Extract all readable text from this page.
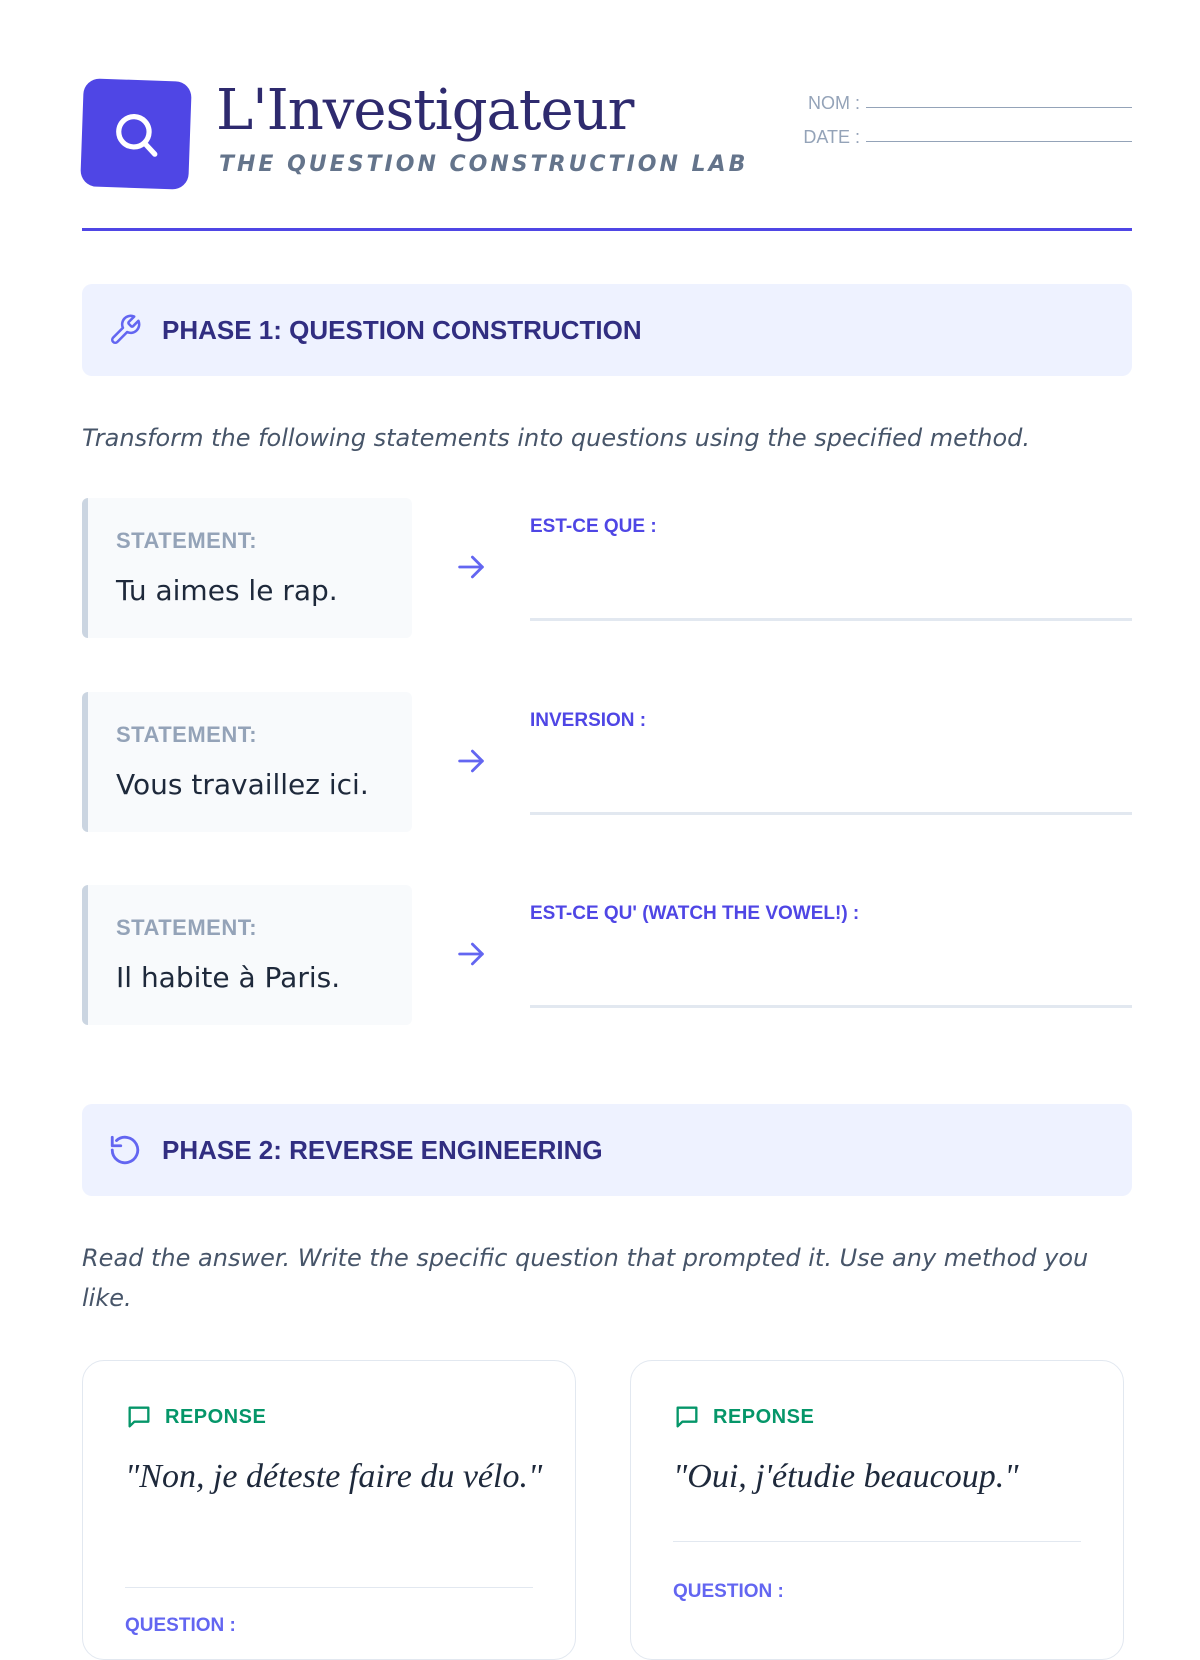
L'Investigateur
THE QUESTION CONSTRUCTION LAB
NOM :
DATE :
PHASE 1: QUESTION CONSTRUCTION
Transform the following statements into questions using the specified method.
STATEMENT:
Tu aimes le rap.
EST-CE QUE :
STATEMENT:
Vous travaillez ici.
INVERSION :
STATEMENT:
Il habite à Paris.
EST-CE QU' (WATCH THE VOWEL!) :
PHASE 2: REVERSE ENGINEERING
Read the answer. Write the specific question that prompted it. Use any method you like.
REPONSE
"Non, je déteste faire du vélo."
QUESTION :
REPONSE
"Oui, j'étudie beaucoup."
QUESTION :
